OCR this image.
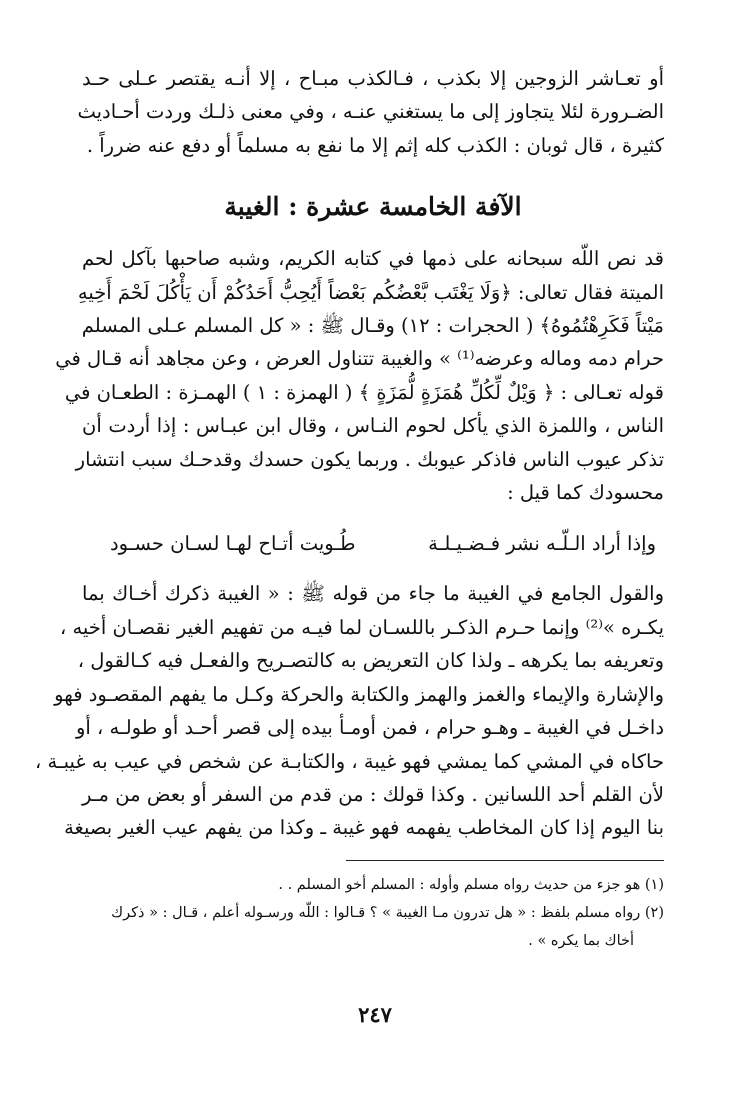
أو تعـاشر الزوجين إلا بكذب ، فـالكذب مبـاح ، إلا أنـه يقتصر عـلى حـد
الضـرورة لئلا يتجاوز إلى ما يستغني عنـه ، وفي معنى ذلـك وردت أحـاديث
كثيرة ، قال ثوبان : الكذب كله إثم إلا ما نفع به مسلماً أو دفع عنه ضرراً .

الآفة الخامسة عشرة : الغيبة

قد نص اللّه سبحانه على ذمها في كتابه الكريم، وشبه صاحبها بآكل لحم
الميتة فقال تعالى: ﴿وَلَا يَغْتَب بَّعْضُكُم بَعْضاً أَيُحِبُّ أَحَدُكُمْ أَن يَأْكُلَ لَحْمَ أَخِيهِ
مَيْتاً فَكَرِهْتُمُوهُ﴾ ( الحجرات : ١٢) وقـال ﷺ : « كل المسلم عـلى المسلم
حرام دمه وماله وعرضه⁽¹⁾ » والغيبة تتناول العرض ، وعن مجاهد أنه قـال في
قوله تعـالى : ﴿ وَيْلٌ لِّكُلِّ هُمَزَةٍ لُّمَزَةٍ ﴾ ( الهمزة : ١ ) الهمـزة : الطعـان في
الناس ، واللمزة الذي يأكل لحوم النـاس ، وقال ابن عبـاس : إذا أردت أن
تذكر عيوب الناس فاذكر عيوبك . وربما يكون حسدك وقدحـك سبب انتشار
محسودك كما قيل :

وإذا أراد الـلّـه نشر فـضـيـلـة
طُـويت أتـاح لهـا لسـان حسـود

والقول الجامع في الغيبة ما جاء من قوله ﷺ : « الغيبة ذكرك أخـاك بما
يكـره »⁽²⁾ وإنما حـرم الذكـر باللسـان لما فيـه من تفهيم الغير نقصـان أخيه ،
وتعريفه بما يكرهه ـ ولذا كان التعريض به كالتصـريح والفعـل فيه كـالقول ،
والإشارة والإيماء والغمز والهمز والكتابة والحركة وكـل ما يفهم المقصـود فهو
داخـل في الغيبة ـ وهـو حرام ، فمن أومـأ بيده إلى قصر أحـد أو طولـه ، أو
حاكاه في المشي كما يمشي فهو غيبة ، والكتابـة عن شخص في عيب به غيبـة ،
لأن القلم أحد اللسانين . وكذا قولك : من قدم من السفر أو بعض من مـر
بنا اليوم إذا كان المخاطب يفهمه فهو غيبة ـ وكذا من يفهم عيب الغير بصيغة

(١) هو جزء من حديث رواه مسلم وأوله : المسلم أخو المسلم . .

(٢) رواه مسلم بلفظ : « هل تدرون مـا الغيبة » ؟ قـالوا : اللّه ورسـوله أعلم ، قـال : « ذكرك

أخاك بما يكره » .

٢٤٧
